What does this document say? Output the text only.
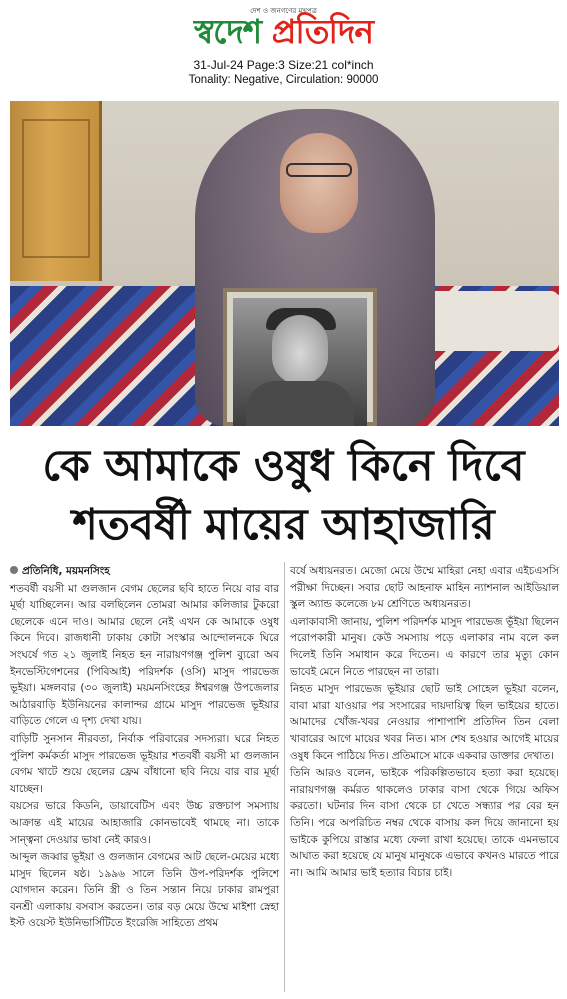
দেশ ও জনগণের মুখপত্র
স্বদেশ প্রতিদিন
31-Jul-24 Page:3 Size:21 col*inch
Tonality: Negative, Circulation: 90000
কে আমাকে ওষুধ কিনে দিবে
শতবর্ষী মায়ের আহাজারি

প্রতিনিধি, ময়মনসিংহ

শতবর্ষী বয়সী মা গুলজান বেগম ছেলের ছবি হাতে নিয়ে বার বার মূর্ছা যাচ্ছিলেন। আর বলছিলেন তোমরা আমার কলিজার টুকরো ছেলেকে এনে দাও। আমার ছেলে নেই এখন কে আমাকে ওষুধ কিনে দিবে। রাজধানী ঢাকায় কোটা সংস্কার আন্দোলনকে ঘিরে সংঘর্ষে গত ২১ জুলাই নিহত হন নারায়ণগঞ্জ পুলিশ ব্যুরো অব ইনভেস্টিগেশনের (পিবিআই) পরিদর্শক (ওসি) মাসুদ পারভেজ ভূইয়া। মঙ্গলবার (৩০ জুলাই) ময়মনসিংহের ঈশ্বরগঞ্জ উপজেলার আঠারবাড়ি ইউনিয়নের কালান্দর গ্রামে মাসুদ পারভেজ ভূইয়ার বাড়িতে গেলে এ দৃশ্য দেখা যায়।

বাড়িটি সুনসান নীরবতা, নির্বাক পরিবারের সদস্যরা। ঘরে নিহত পুলিশ কর্মকর্তা মাসুদ পারভেজ ভূইয়ার শতবর্ষী বয়সী মা গুলজান বেগম খাটে শুয়ে ছেলের ফ্রেম বাঁধানো ছবি নিয়ে বার বার মূর্ছা যাচ্ছেন।

বয়সের ভারে কিডনি, ডায়াবেটিস এবং উচ্চ রক্তচাপ সমস্যায় আক্রান্ত এই মায়ের আহাজারি কোনভাবেই থামছে না। তাকে সান্ত্বনা দেওয়ার ভাষা নেই কারও।

আব্দুল জব্বার ভূইয়া ও গুলজান বেগমের আট ছেলে-মেয়ের মধ্যে মাসুদ ছিলেন ষষ্ঠ। ১৯৯৬ সালে তিনি উপ-পরিদর্শক পুলিশে যোগদান করেন। তিনি স্ত্রী ও তিন সন্তান নিয়ে ঢাকার রামপুরা বনশ্রী এলাকায় বসবাস করতেন। তার বড় মেয়ে উম্মে মাইশা স্নেহা ইস্ট ওয়েস্ট ইউনিভার্সিটিতে ইংরেজি সাহিত্যে প্রথম

বর্ষে অধ্যয়নরত। মেজো মেয়ে উম্মে মাহিরা নেহা এবার এইচএসসি পরীক্ষা দিচ্ছেন। সবার ছোট আহনাফ মাহিন ন্যাশনাল আইডিয়াল স্কুল অ্যান্ড কলেজে ৮ম শ্রেণিতে অধ্যয়নরত।

এলাকাবাসী জানায়, পুলিশ পরিদর্শক মাসুদ পারভেজ ভূঁইয়া ছিলেন পরোপকারী মানুষ। কেউ সমস্যায় পড়ে এলাকার নাম বলে কল দিলেই তিনি সমাধান করে দিতেন। এ কারণে তার মৃত্যু কোন ভাবেই মেনে নিতে পারছেন না তারা।

নিহত মাসুদ পারভেজ ভূইয়ার ছোট ভাই সোহেল ভূইয়া বলেন, বাবা মারা যাওয়ার পর সংসারের দায়দায়িত্ব ছিল ভাইয়ের হাতে। আমাদের খোঁজ-খবর নেওয়ার পাশাপাশি প্রতিদিন তিন বেলা খাবারের আগে মায়ের খবর নিত। মাস শেষ হওয়ার আগেই মায়ের ওষুধ কিনে পাঠিয়ে দিত। প্রতিমাসে মাকে একবার ডাক্তার দেখাত।

তিনি আরও বলেন, ভাইকে পরিকল্পিতভাবে হত্যা করা হয়েছে। নারায়ণগঞ্জ কর্মরত থাকলেও ঢাকার বাসা থেকে গিয়ে অফিস করতো। ঘটনার দিন বাসা থেকে চা খেতে সন্ধ্যার পর বের হন তিনি। পরে অপরিচিত নম্বর থেকে বাসায় কল দিয়ে জানানো হয় ভাইকে কুপিয়ে রাস্তার মধ্যে ফেলা রাখা হয়েছে। তাকে এমনভাবে আঘাত করা হয়েছে যে মানুষ মানুষকে এভাবে কখনও মারতে পারে না। আমি আমার ভাই হত্যার বিচার চাই।
